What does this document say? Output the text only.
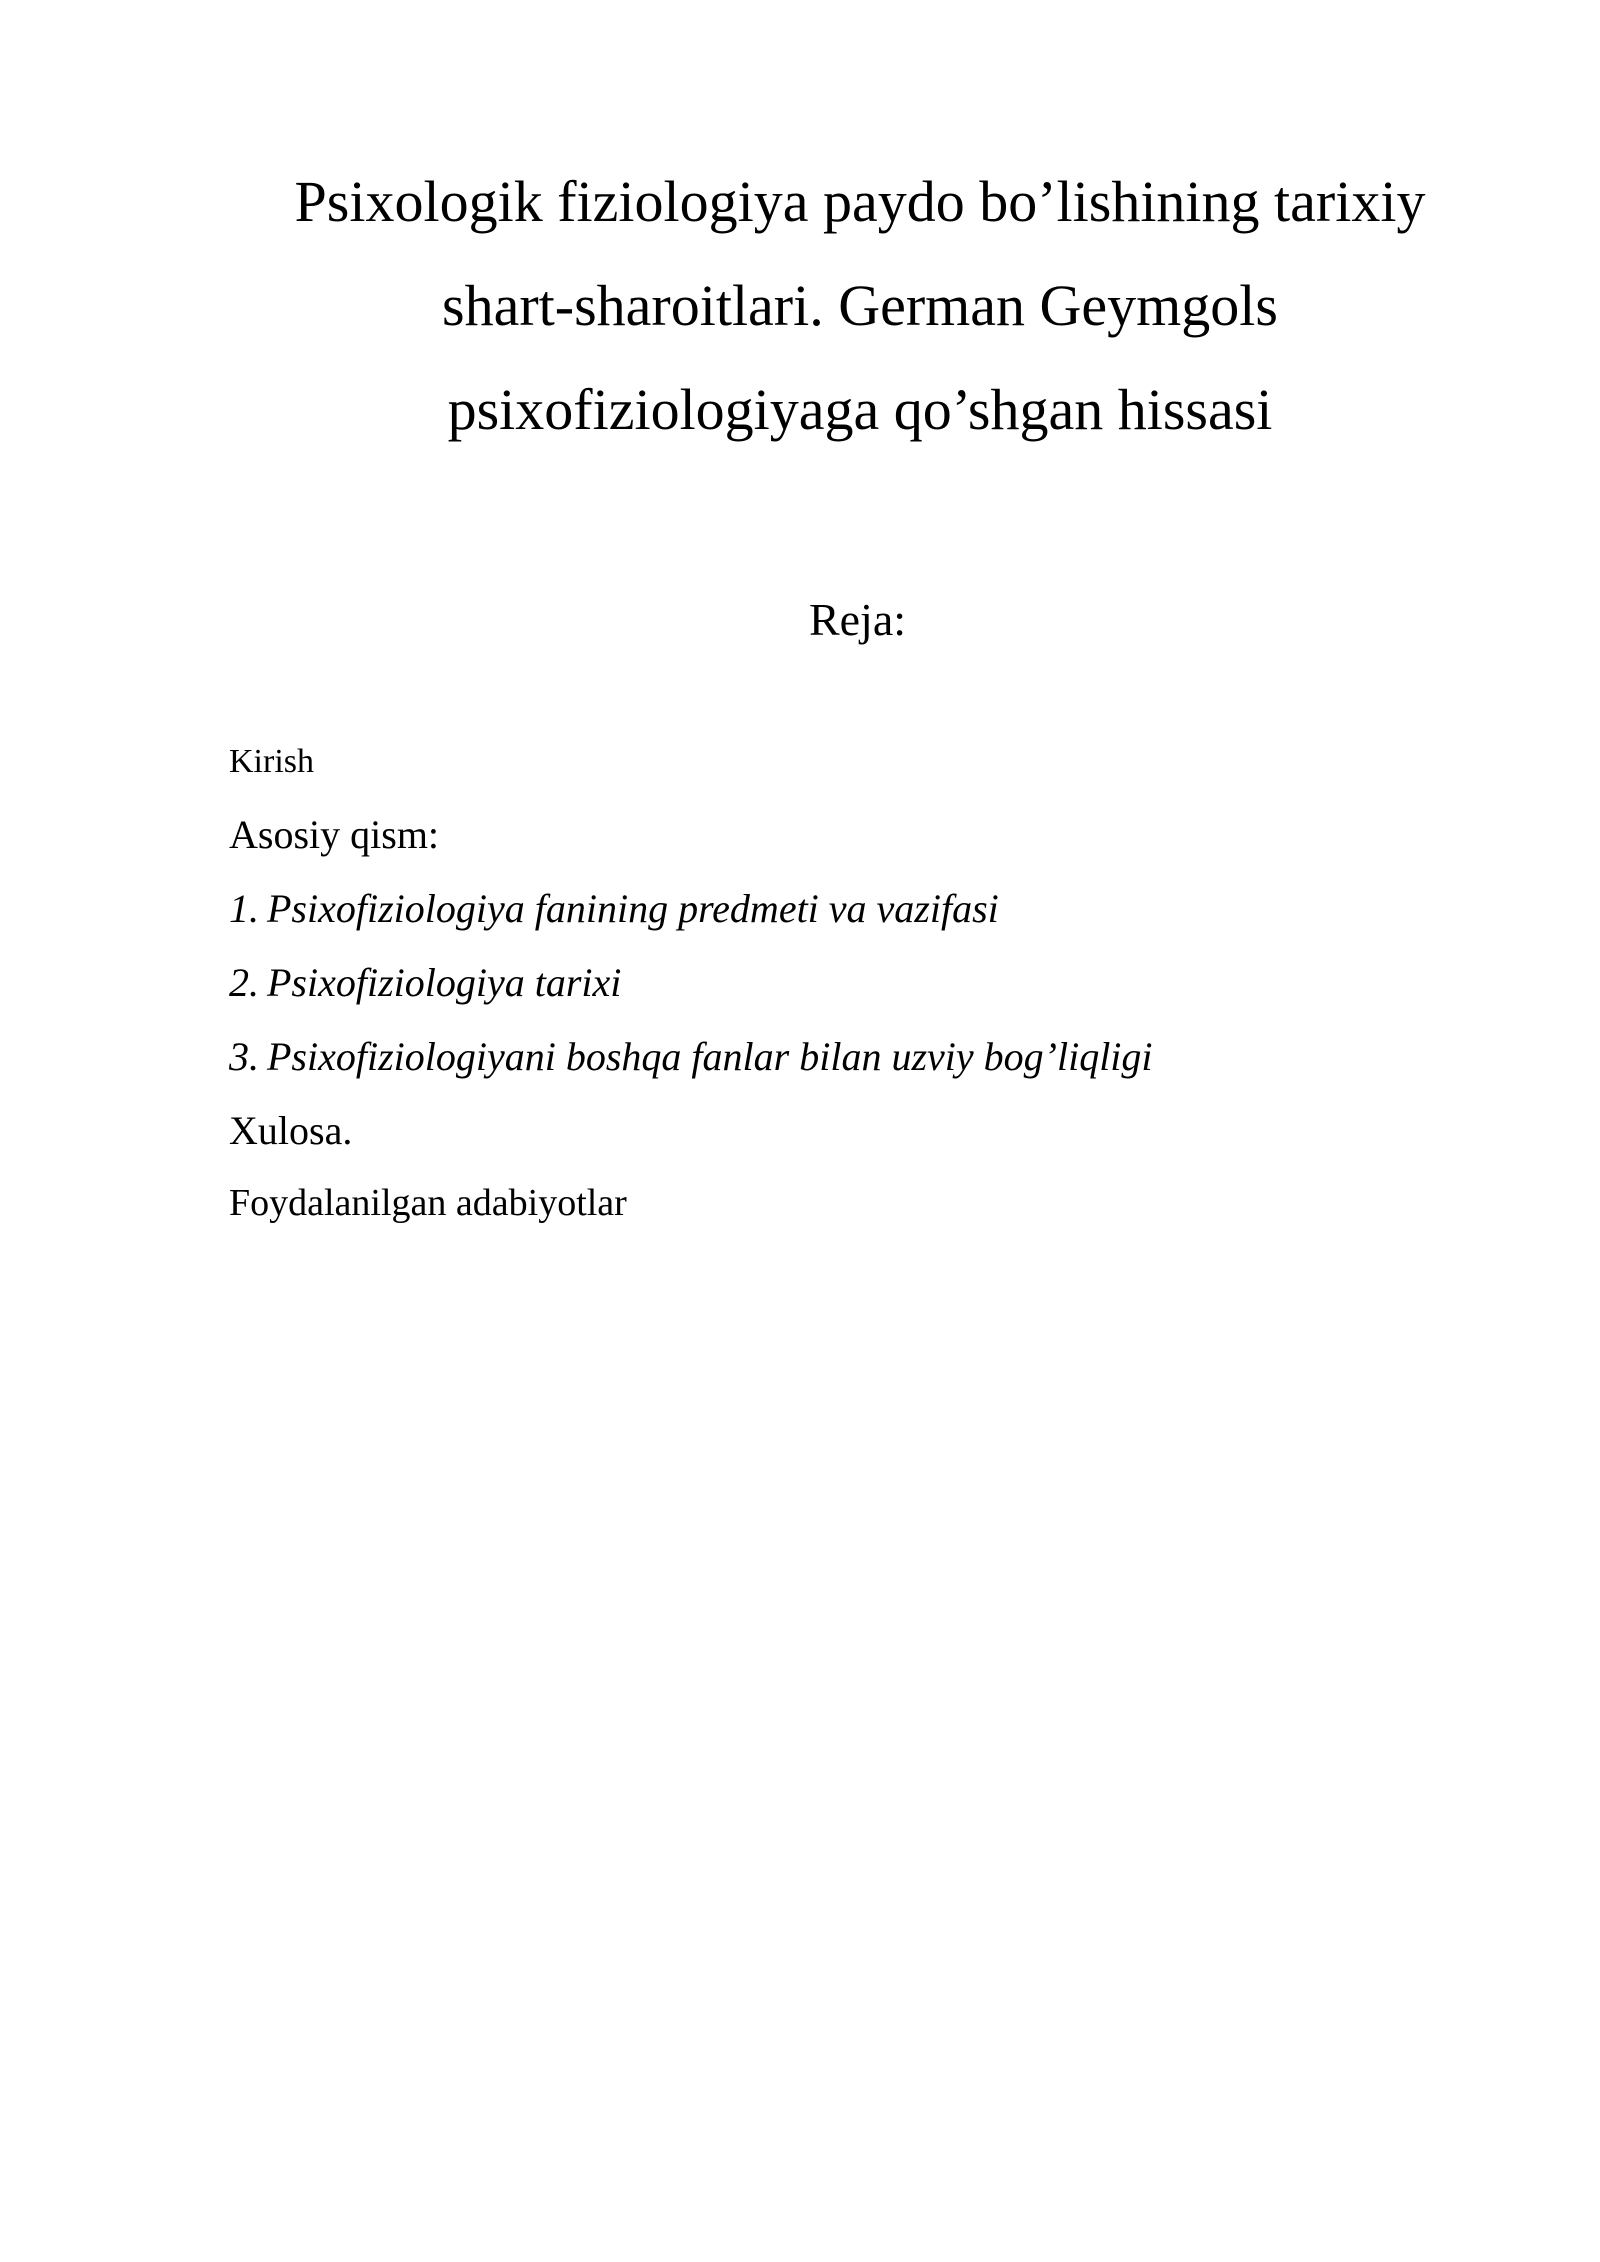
Psixologik fiziologiya paydo bo’lishining tarixiy
shart-sharoitlari. German Geymgols
psixofiziologiyaga qo’shgan hissasi
Reja:
Kirish
Asosiy qism:
1. Psixofiziologiya fanining predmeti va vazifasi
2. Psixofiziologiya tarixi
3. Psixofiziologiyani boshqa fanlar bilan uzviy bog’liqligi
Xulosa.
Foydalanilgan adabiyotlar
